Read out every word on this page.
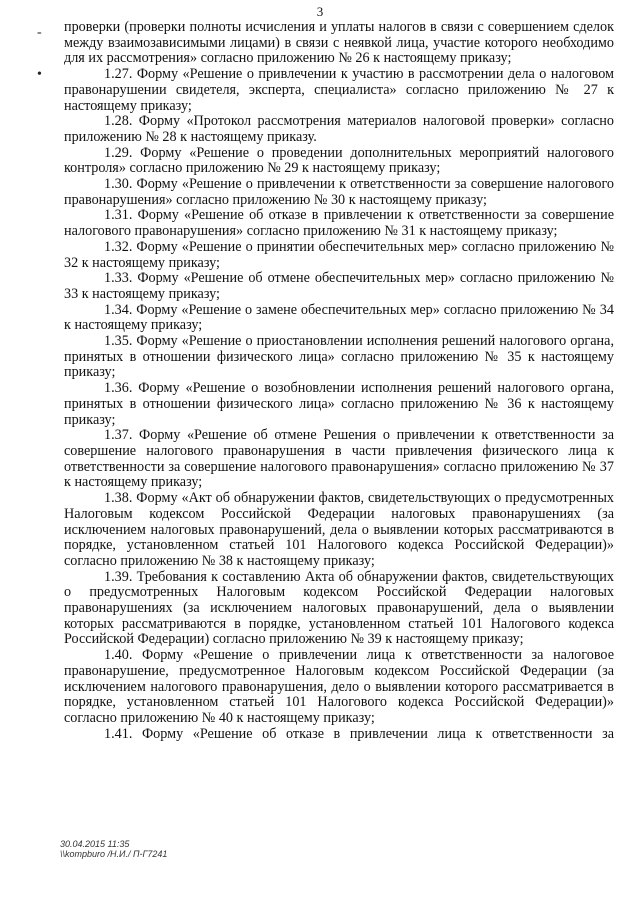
3
-
•

проверки (проверки полноты исчисления и уплаты налогов в связи с совершением сделок между взаимозависимыми лицами) в связи с неявкой лица, участие которого необходимо для их рассмотрения» согласно приложению № 26 к настоящему приказу;

1.27. Форму «Решение о привлечении к участию в рассмотрении дела о налоговом правонарушении свидетеля, эксперта, специалиста» согласно приложению № 27 к настоящему приказу;

1.28. Форму «Протокол рассмотрения материалов налоговой проверки» согласно приложению № 28 к настоящему приказу.

1.29. Форму «Решение о проведении дополнительных мероприятий налогового контроля» согласно приложению № 29 к настоящему приказу;

1.30. Форму «Решение о привлечении к ответственности за совершение налогового правонарушения» согласно приложению № 30 к настоящему приказу;

1.31. Форму «Решение об отказе в привлечении к ответственности за совершение налогового правонарушения» согласно приложению № 31 к настоящему приказу;

1.32. Форму «Решение о принятии обеспечительных мер» согласно приложению № 32 к настоящему приказу;

1.33. Форму «Решение об отмене обеспечительных мер» согласно приложению № 33 к настоящему приказу;

1.34. Форму «Решение о замене обеспечительных мер» согласно приложению № 34 к настоящему приказу;

1.35. Форму «Решение о приостановлении исполнения решений налогового органа, принятых в отношении физического лица» согласно приложению № 35 к настоящему приказу;

1.36. Форму «Решение о возобновлении исполнения решений налогового органа, принятых в отношении физического лица» согласно приложению № 36 к настоящему приказу;

1.37. Форму «Решение об отмене Решения о привлечении к ответственности за совершение налогового правонарушения в части привлечения физического лица к ответственности за совершение налогового правонарушения» согласно приложению № 37 к настоящему приказу;

1.38. Форму «Акт об обнаружении фактов, свидетельствующих о предусмотренных Налоговым кодексом Российской Федерации налоговых правонарушениях (за исключением налоговых правонарушений, дела о выявлении которых рассматриваются в порядке, установленном статьей 101 Налогового кодекса Российской Федерации)» согласно приложению № 38 к настоящему приказу;

1.39. Требования к составлению Акта об обнаружении фактов, свидетельствующих о предусмотренных Налоговым кодексом Российской Федерации налоговых правонарушениях (за исключением налоговых правонарушений, дела о выявлении которых рассматриваются в порядке, установленном статьей 101 Налогового кодекса Российской Федерации) согласно приложению № 39 к настоящему приказу;

1.40. Форму «Решение о привлечении лица к ответственности за налоговое правонарушение, предусмотренное Налоговым кодексом Российской Федерации (за исключением налогового правонарушения, дело о выявлении которого рассматривается в порядке, установленном статьей 101 Налогового кодекса Российской Федерации)» согласно приложению № 40 к настоящему приказу;

1.41. Форму «Решение об отказе в привлечении лица к ответственности за

30.04.2015 11:35
\\kompburo /Н.И./ П-Г7241
